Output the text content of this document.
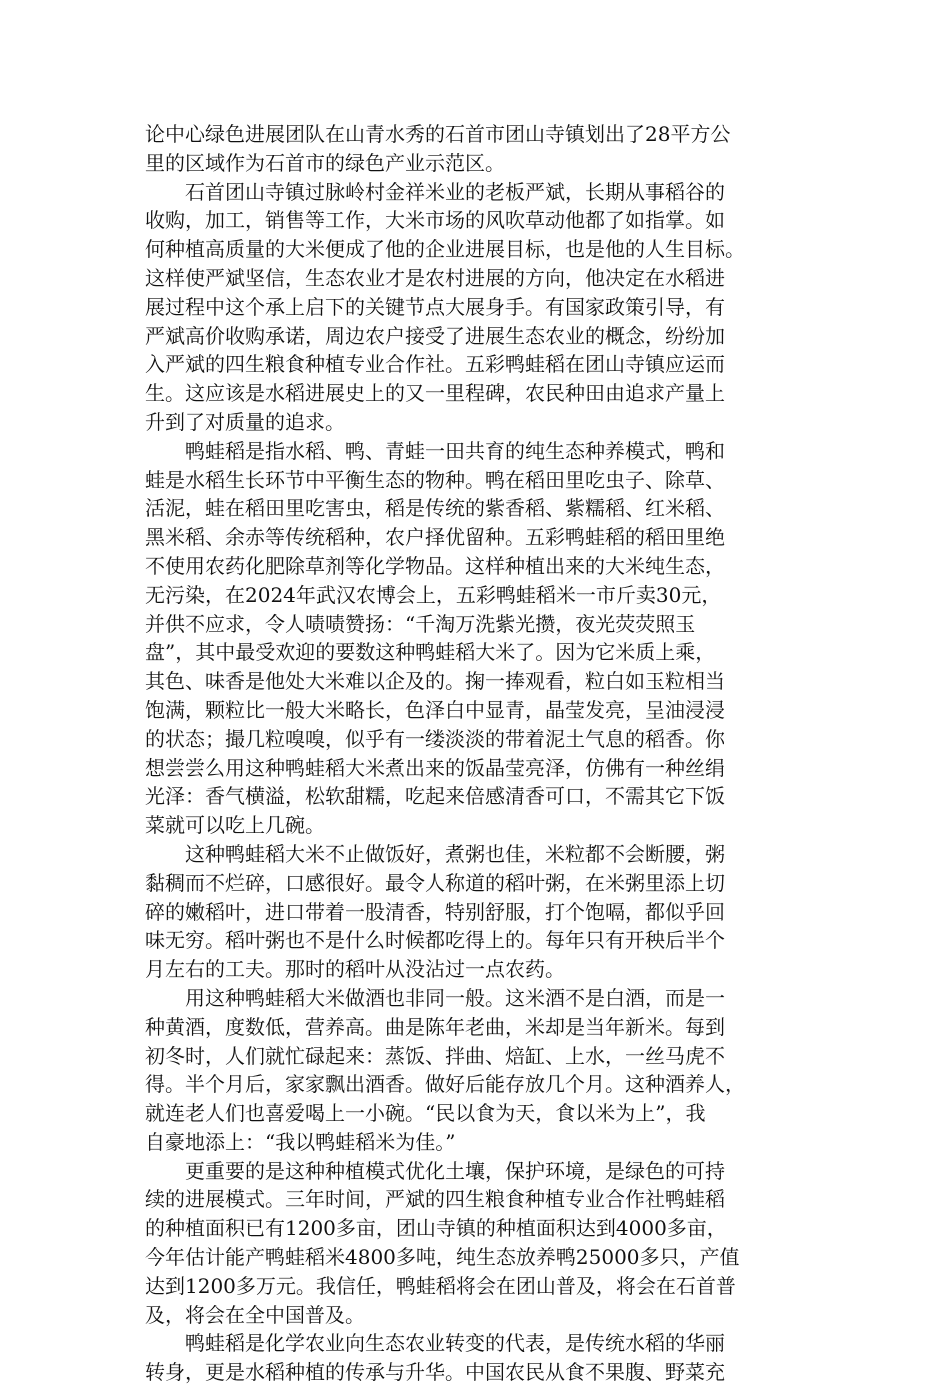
论中心绿色进展团队在山青水秀的石首市团山寺镇划出了28平方公
里的区域作为石首市的绿色产业示范区。
石首团山寺镇过脉岭村金祥米业的老板严斌，长期从事稻谷的
收购，加工，销售等工作，大米市场的风吹草动他都了如指掌。如
何种植高质量的大米便成了他的企业进展目标，也是他的人生目标。
这样使严斌坚信，生态农业才是农村进展的方向，他决定在水稻进
展过程中这个承上启下的关键节点大展身手。有国家政策引导，有
严斌高价收购承诺，周边农户接受了进展生态农业的概念，纷纷加
入严斌的四生粮食种植专业合作社。五彩鸭蛙稻在团山寺镇应运而
生。这应该是水稻进展史上的又一里程碑，农民种田由追求产量上
升到了对质量的追求。
鸭蛙稻是指水稻、鸭、青蛙一田共育的纯生态种养模式，鸭和
蛙是水稻生长环节中平衡生态的物种。鸭在稻田里吃虫子、除草、
活泥，蛙在稻田里吃害虫，稻是传统的紫香稻、紫糯稻、红米稻、
黑米稻、余赤等传统稻种，农户择优留种。五彩鸭蛙稻的稻田里绝
不使用农药化肥除草剂等化学物品。这样种植出来的大米纯生态，
无污染，在2024年武汉农博会上，五彩鸭蛙稻米一市斤卖30元，
并供不应求，令人啧啧赞扬：“千淘万洗紫光攒，夜光荧荧照玉
盘”，其中最受欢迎的要数这种鸭蛙稻大米了。因为它米质上乘，
其色、味香是他处大米难以企及的。掬一捧观看，粒白如玉粒相当
饱满，颗粒比一般大米略长，色泽白中显青，晶莹发亮，呈油浸浸
的状态；撮几粒嗅嗅，似乎有一缕淡淡的带着泥土气息的稻香。你
想尝尝么用这种鸭蛙稻大米煮出来的饭晶莹亮泽，仿佛有一种丝绢
光泽：香气横溢，松软甜糯，吃起来倍感清香可口，不需其它下饭
菜就可以吃上几碗。
这种鸭蛙稻大米不止做饭好，煮粥也佳，米粒都不会断腰，粥
黏稠而不烂碎，口感很好。最令人称道的稻叶粥，在米粥里添上切
碎的嫩稻叶，进口带着一股清香，特别舒服，打个饱嗝，都似乎回
味无穷。稻叶粥也不是什么时候都吃得上的。每年只有开秧后半个
月左右的工夫。那时的稻叶从没沾过一点农药。
用这种鸭蛙稻大米做酒也非同一般。这米酒不是白酒，而是一
种黄酒，度数低，营养高。曲是陈年老曲，米却是当年新米。每到
初冬时，人们就忙碌起来：蒸饭、拌曲、焙缸、上水，一丝马虎不
得。半个月后，家家飘出酒香。做好后能存放几个月。这种酒养人，
就连老人们也喜爱喝上一小碗。“民以食为天，食以米为上”，我
自豪地添上：“我以鸭蛙稻米为佳。”
更重要的是这种种植模式优化土壤，保护环境，是绿色的可持
续的进展模式。三年时间，严斌的四生粮食种植专业合作社鸭蛙稻
的种植面积已有1200多亩，团山寺镇的种植面积达到4000多亩，
今年估计能产鸭蛙稻米4800多吨，纯生态放养鸭25000多只，产值
达到1200多万元。我信任，鸭蛙稻将会在团山普及，将会在石首普
及，将会在全中国普及。
鸭蛙稻是化学农业向生态农业转变的代表，是传统水稻的华丽
转身，更是水稻种植的传承与升华。中国农民从食不果腹、野菜充
